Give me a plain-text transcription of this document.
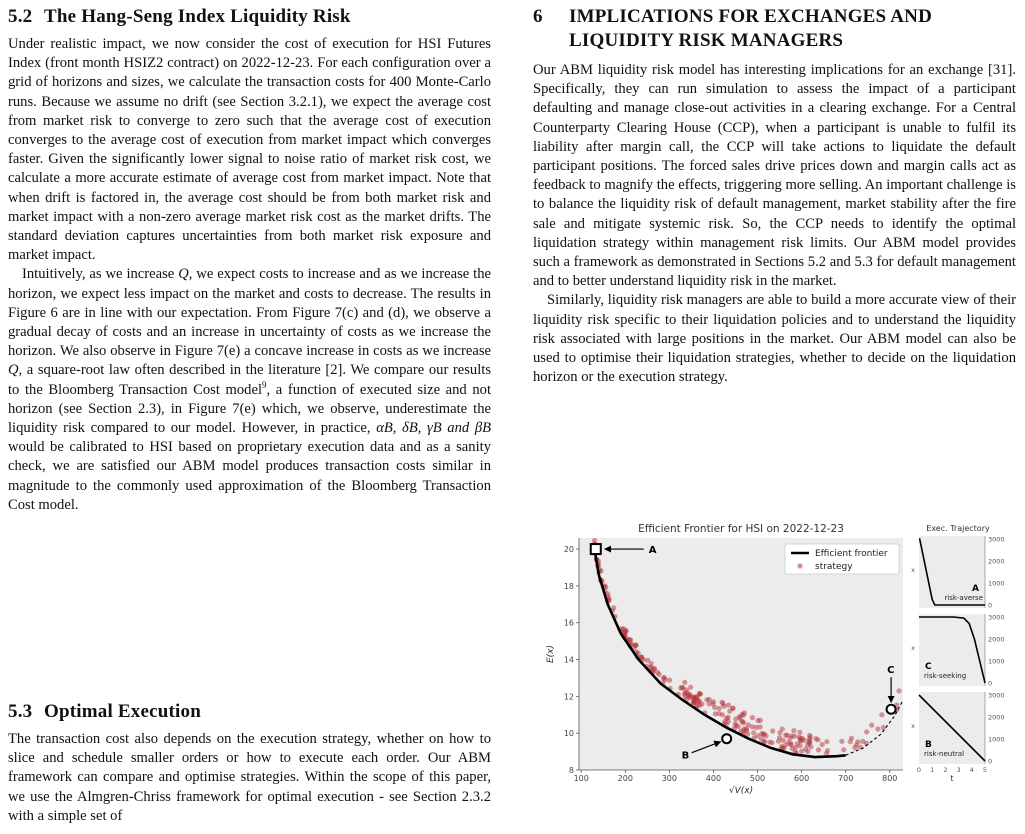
5.2 The Hang-Seng Index Liquidity Risk

Under realistic impact, we now consider the cost of execution for HSI Futures Index (front month HSIZ2 contract) on 2022-12-23. For each configuration over a grid of horizons and sizes, we calculate the transaction costs for 400 Monte-Carlo runs. Because we assume no drift (see Section 3.2.1), we expect the average cost from market risk to converge to zero such that the average cost of execution converges to the average cost of execution from market impact which converges faster. Given the significantly lower signal to noise ratio of market risk cost, we calculate a more accurate estimate of average cost from market impact. Note that when drift is factored in, the average cost should be from both market risk and market impact with a non-zero average market risk cost as the market drifts. The standard deviation captures uncertainties from both market risk exposure and market impact.

Intuitively, as we increase Q, we expect costs to increase and as we increase the horizon, we expect less impact on the market and costs to decrease. The results in Figure 6 are in line with our expectation. From Figure 7(c) and (d), we observe a gradual decay of costs and an increase in uncertainty of costs as we increase the horizon. We also observe in Figure 7(e) a concave increase in costs as we increase Q, a square-root law often described in the literature [2]. We compare our results to the Bloomberg Transaction Cost model$^9$, a function of executed size and not horizon (see Section 2.3), in Figure 7(e) which, we observe, underestimate the liquidity risk compared to our model. However, in practice, αB, δB, γB and βB would be calibrated to HSI based on proprietary execution data and as a sanity check, we are satisfied our ABM model produces transaction costs similar in magnitude to the commonly used approximation of the Bloomberg Transaction Cost model.

5.3 Optimal Execution

The transaction cost also depends on the execution strategy, whether on how to slice and schedule smaller orders or how to execute each order. Our ABM framework can compare and optimise strategies. Within the scope of this paper, we use the Almgren-Chriss framework for optimal execution - see Section 2.3.2 with a simple set of

6 IMPLICATIONS FOR EXCHANGES AND
LIQUIDITY RISK MANAGERS

Our ABM liquidity risk model has interesting implications for an exchange [31]. Specifically, they can run simulation to assess the impact of a participant defaulting and manage close-out activities in a clearing exchange. For a Central Counterparty Clearing House (CCP), when a participant is unable to fulfil its liability after margin call, the CCP will take actions to liquidate the default participant positions. The forced sales drive prices down and margin calls act as feedback to magnify the effects, triggering more selling. An important challenge is to balance the liquidity risk of default management, market stability after the fire sale and mitigate systemic risk. So, the CCP needs to identify the optimal liquidation strategy within management risk limits. Our ABM model provides such a framework as demonstrated in Sections 5.2 and 5.3 for default management and to better understand liquidity risk in the market.

Similarly, liquidity risk managers are able to build a more accurate view of their liquidity risk specific to their liquidation policies and to understand the liquidity risk associated with large positions in the market. Our ABM model can also be used to optimise their liquidation strategies, whether to decide on the liquidation horizon or the execution strategy.

Efficient Frontier for HSI on 2022-12-23
8
10
12
14
16
18
20
100	200	300	400	500	600	700	800
E(x)
√V(x)
A
B
C
Efficient frontier
strategy
Exec. Trajectory
0
1000
2000
3000
x
A
risk-averse
0
1000
2000
3000
x
C
risk-seeking
0
1000
2000
3000
x
B
risk-neutral
0 1 2 3 4 5
t
